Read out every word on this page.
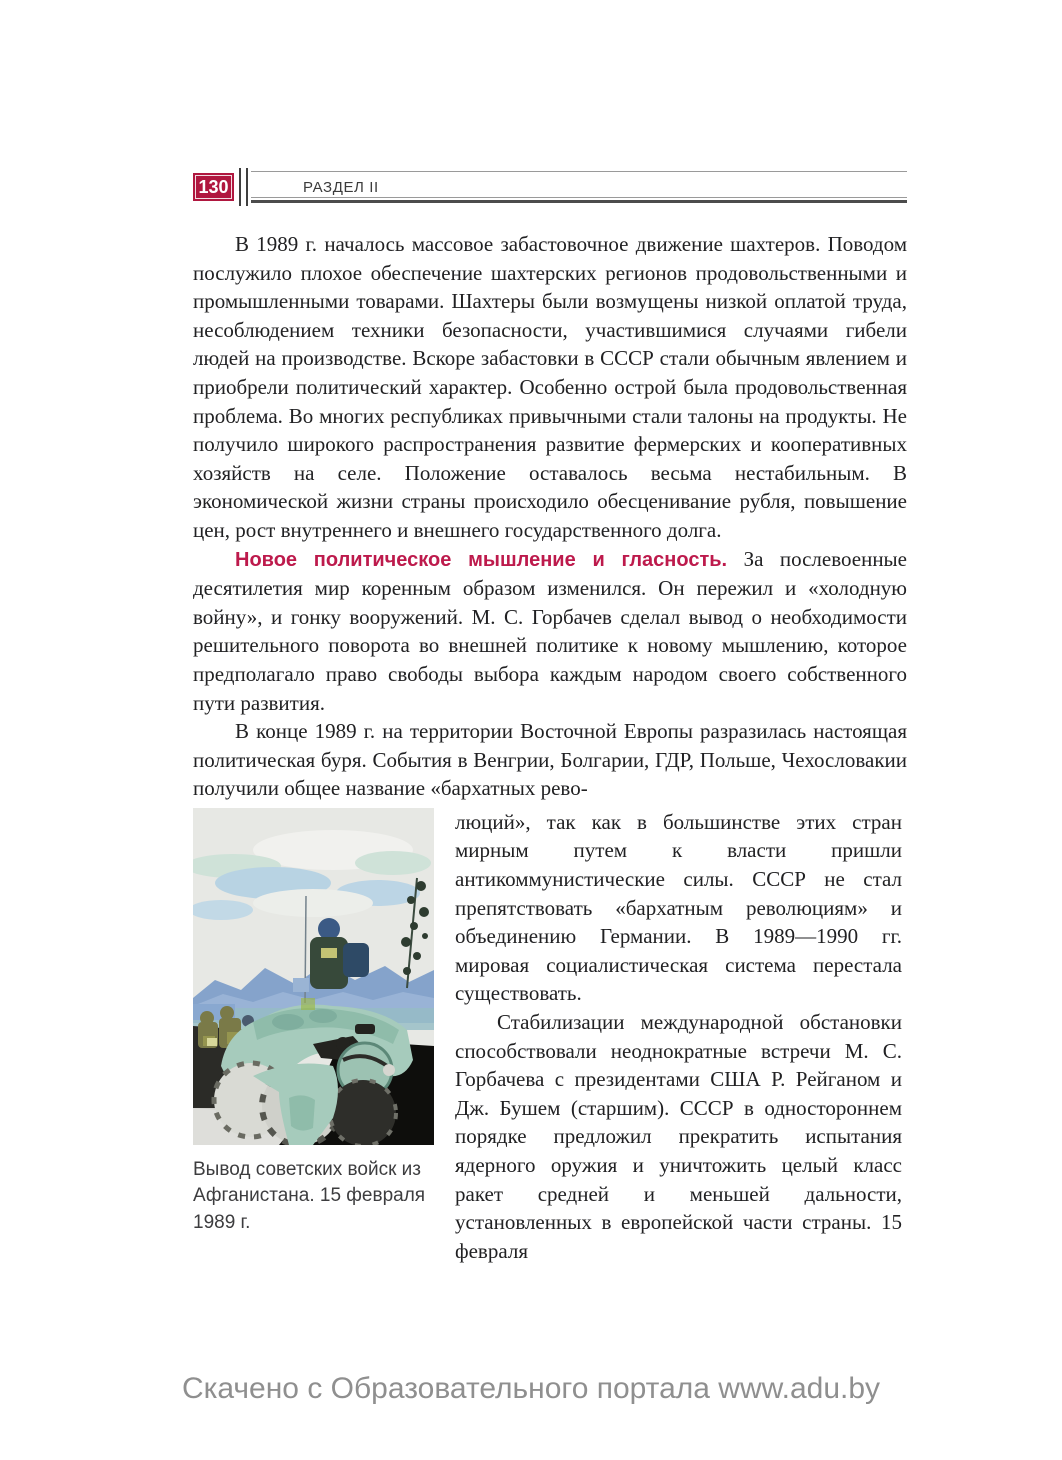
130	РАЗДЕЛ II

В 1989 г. началось массовое забастовочное движение шахтеров. Поводом послужило плохое обеспечение шахтерских регионов продовольственными и промышленными товарами. Шахтеры были возмущены низкой оплатой труда, несоблюдением техники безопасности, участившимися случаями гибели людей на производстве. Вскоре забастовки в СССР стали обычным явлением и приобрели политический характер. Особенно острой была продовольственная проблема. Во многих республиках привычными стали талоны на продукты. Не получило широкого распространения развитие фермерских и кооперативных хозяйств на селе. Положение оставалось весьма нестабильным. В экономической жизни страны происходило обесценивание рубля, повышение цен, рост внутреннего и внешнего государственного долга.

Новое политическое мышление и гласность. За послевоенные десятилетия мир коренным образом изменился. Он пережил и «холодную войну», и гонку вооружений. М. С. Горбачев сделал вывод о необходимости решительного поворота во внешней политике к новому мышлению, которое предполагало право свободы выбора каждым народом своего собственного пути развития.

В конце 1989 г. на территории Восточной Европы разразилась настоящая политическая буря. События в Венгрии, Болгарии, ГДР, Польше, Чехословакии получили общее название «бархатных рево-

Вывод советских войск из Афганистана. 15 февраля 1989 г.

люций», так как в большинстве этих стран мирным путем к власти пришли антикоммунистические силы. СССР не стал препятствовать «бархатным революциям» и объединению Германии. В 1989—1990 гг. мировая социалистическая система перестала существовать.

Стабилизации международной обстановки способствовали неоднократные встречи М. С. Горбачева с президентами США Р. Рейганом и Дж. Бушем (старшим). СССР в одностороннем порядке предложил прекратить испытания ядерного оружия и уничтожить целый класс ракет средней и меньшей дальности, установленных в европейской части страны. 15 февраля

Скачено с Образовательного портала www.adu.by
